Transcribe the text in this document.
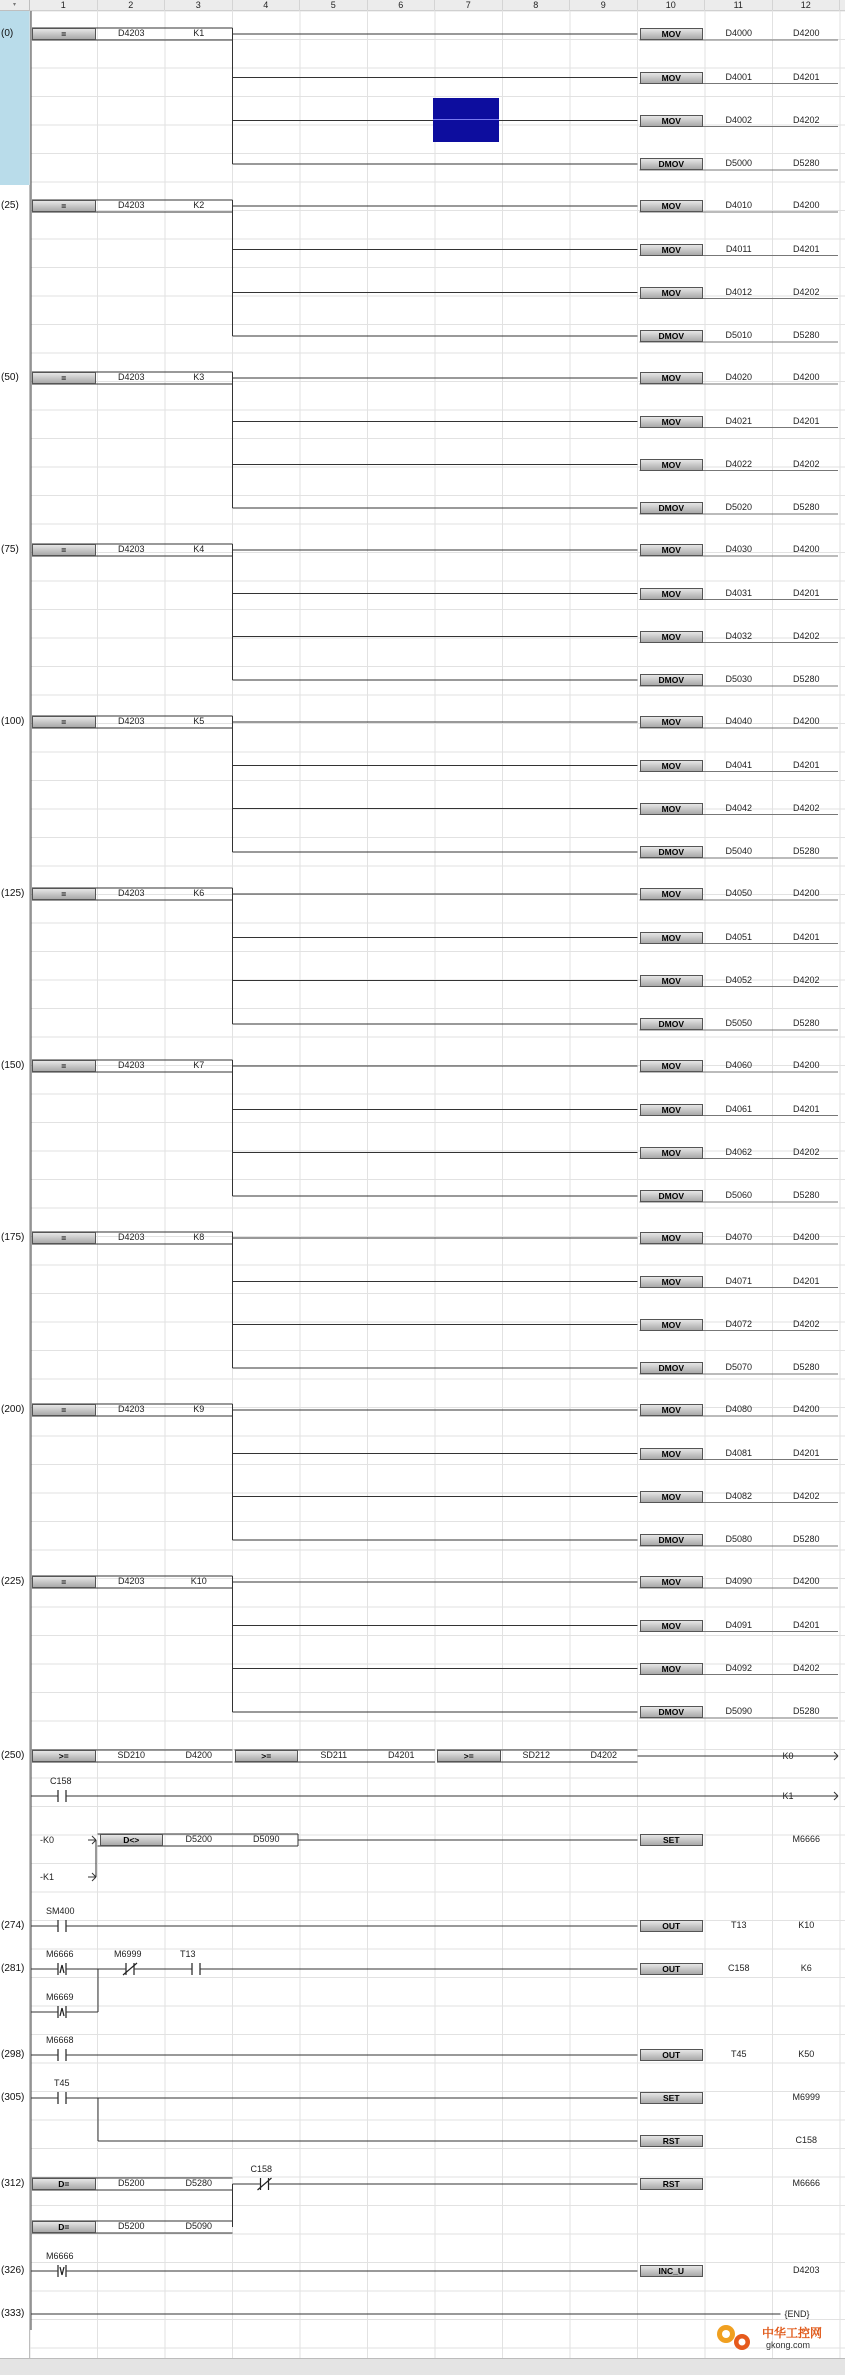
▾	1	2	3	4	5	6	7	8	9	10	11	12
(0)	=	D4203	K1	MOV	D4000	D4200
MOV	D4001	D4201
MOV	D4002	D4202
DMOV	D5000	D5280
(25)	=	D4203	K2	MOV	D4010	D4200
MOV	D4011	D4201
MOV	D4012	D4202
DMOV	D5010	D5280
(50)	=	D4203	K3	MOV	D4020	D4200
MOV	D4021	D4201
MOV	D4022	D4202
DMOV	D5020	D5280
(75)	=	D4203	K4	MOV	D4030	D4200
MOV	D4031	D4201
MOV	D4032	D4202
DMOV	D5030	D5280
(100)	=	D4203	K5	MOV	D4040	D4200
MOV	D4041	D4201
MOV	D4042	D4202
DMOV	D5040	D5280
(125)	=	D4203	K6	MOV	D4050	D4200
MOV	D4051	D4201
MOV	D4052	D4202
DMOV	D5050	D5280
(150)	=	D4203	K7	MOV	D4060	D4200
MOV	D4061	D4201
MOV	D4062	D4202
DMOV	D5060	D5280
(175)	=	D4203	K8	MOV	D4070	D4200
MOV	D4071	D4201
MOV	D4072	D4202
DMOV	D5070	D5280
(200)	=	D4203	K9	MOV	D4080	D4200
MOV	D4081	D4201
MOV	D4082	D4202
DMOV	D5080	D5280
(225)	=	D4203	K10	MOV	D4090	D4200
MOV	D4091	D4201
MOV	D4092	D4202
DMOV	D5090	D5280
(250)	>=	SD210	D4200	>=	SD211	D4201	>=	SD212	D4202	K0
C158
K1
-K0
-K1
D<>	D5200	D5090	SET	M6666
(274)
SM400
OUT	T13	K10
(281)
M6666	M6999	T13
M6669
OUT	C158	K6
(298)
M6668
OUT	T45	K50
(305)
T45
SET	M6999
RST	C158
(312)	D=	D5200	D5280
C158
D=	D5200	D5090
RST	M6666
(326)
M6666
INC_U	D4203
(333)	{END}
中华工控网
gkong.com
